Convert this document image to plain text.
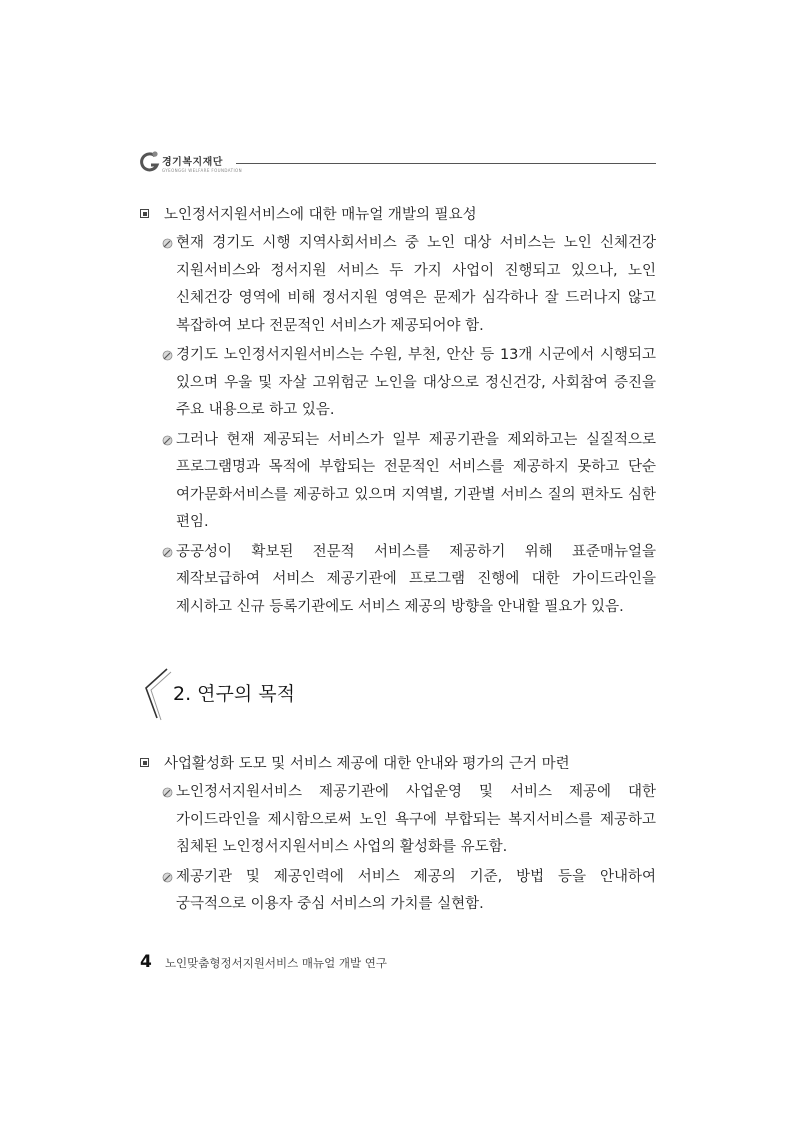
경기복지재단
GYEONGGI WELFARE FOUNDATION
노인정서지원서비스에 대한 매뉴얼 개발의 필요성
현재 경기도 시행 지역사회서비스 중 노인 대상 서비스는 노인 신체건강 지원서비스와 정서지원 서비스 두 가지 사업이 진행되고 있으나, 노인 신체건강 영역에 비해 정서지원 영역은 문제가 심각하나 잘 드러나지 않고 복잡하여 보다 전문적인 서비스가 제공되어야 함.
경기도 노인정서지원서비스는 수원, 부천, 안산 등 13개 시군에서 시행되고 있으며 우울 및 자살 고위험군 노인을 대상으로 정신건강, 사회참여 증진을 주요 내용으로 하고 있음.
그러나 현재 제공되는 서비스가 일부 제공기관을 제외하고는 실질적으로 프로그램명과 목적에 부합되는 전문적인 서비스를 제공하지 못하고 단순 여가문화서비스를 제공하고 있으며 지역별, 기관별 서비스 질의 편차도 심한 편임.
공공성이 확보된 전문적 서비스를 제공하기 위해 표준매뉴얼을 제작보급하여 서비스 제공기관에 프로그램 진행에 대한 가이드라인을 제시하고 신규 등록기관에도 서비스 제공의 방향을 안내할 필요가 있음.
2. 연구의 목적
사업활성화 도모 및 서비스 제공에 대한 안내와 평가의 근거 마련
노인정서지원서비스 제공기관에 사업운영 및 서비스 제공에 대한 가이드라인을 제시함으로써 노인 욕구에 부합되는 복지서비스를 제공하고 침체된 노인정서지원서비스 사업의 활성화를 유도함.
제공기관 및 제공인력에 서비스 제공의 기준, 방법 등을 안내하여 궁극적으로 이용자 중심 서비스의 가치를 실현함.
4 노인맞춤형정서지원서비스 매뉴얼 개발 연구
